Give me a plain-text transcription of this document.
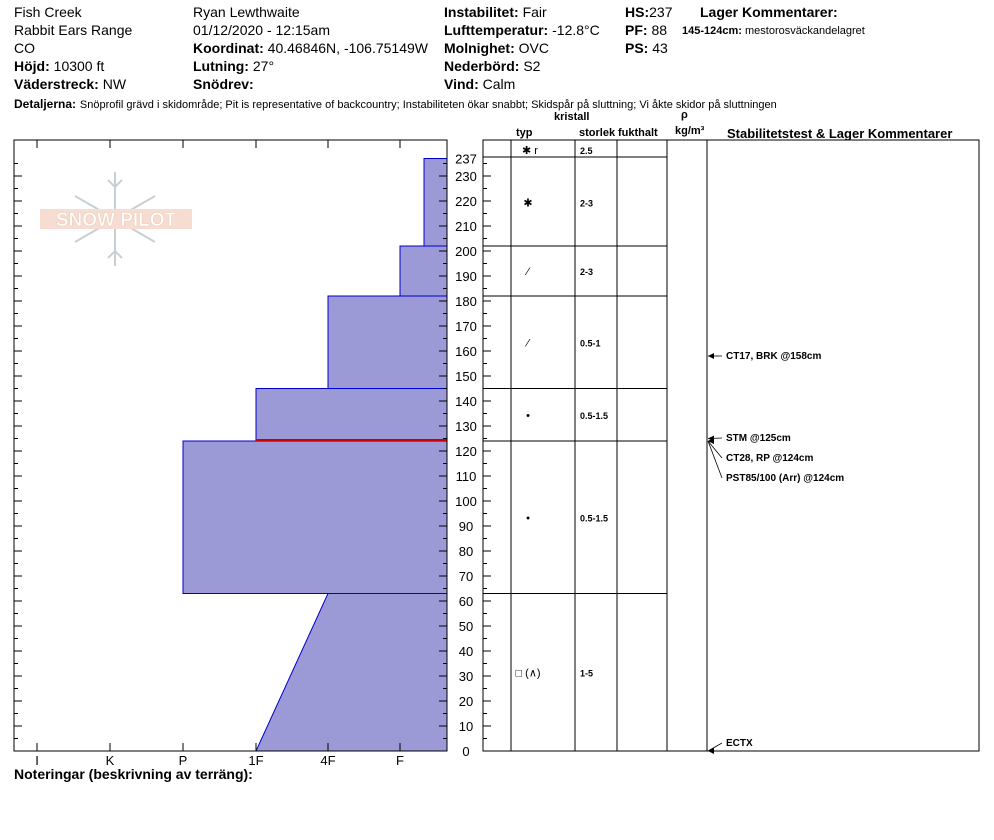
Fish Creek
Rabbit Ears Range
CO
Höjd: 10300 ft
Väderstreck: NW
Ryan Lewthwaite
01/12/2020 - 12:15am
Koordinat: 40.46846N, -106.75149W
Lutning: 27°
Snödrev:
Instabilitet: Fair
Lufttemperatur: -12.8°C
Molnighet: OVC
Nederbörd: S2
Vind: Calm
HS:237
PF: 88
PS: 43
Lager Kommentarer:
145-124cm: mestorosväckandelagret
Detaljerna: Snöprofil grävd i skidområde; Pit is representative of backcountry; Instabiliteten ökar snabbt; Skidspår på sluttning; Vi åkte skidor på sluttningen
kristall
typ	storlek fukthalt
ρ
kg/m³ Stabilitetstest & Lager Kommentarer
SNOW PILOT
0
10
20
30
40
50
60
70
80
90
100
110
120
130
140
150
160
170
180
190
200
210
220
230
237
I	K	P	1F	4F	F
✱ r	2.5
✱	2-3
⁄	2-3
⁄	0.5-1
•	0.5-1.5
•	0.5-1.5
□ (∧)	1-5
CT17, BRK @158cm
STM @125cm
CT28, RP @124cm
PST85/100 (Arr) @124cm
ECTX
Noteringar (beskrivning av terräng):
